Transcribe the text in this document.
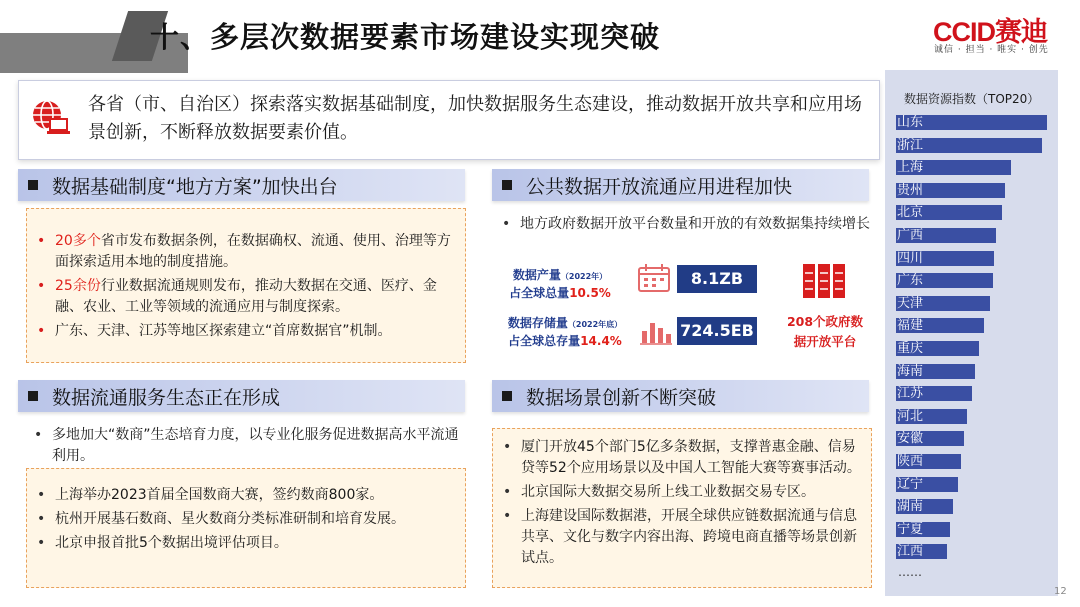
十、多层次数据要素市场建设实现突破	CCID赛迪
诚信 · 担当 · 唯实 · 创先
各省（市、自治区）探索落实数据基础制度，加快数据服务生态建设，推动数据开放共享和应用场景创新，不断释放数据要素价值。
数据基础制度“地方方案”加快出台
• 20多个省市发布数据条例，在数据确权、流通、使用、治理等方面探索适用本地的制度措施。
• 25余份行业数据流通规则发布，推动大数据在交通、医疗、金融、农业、工业等领域的流通应用与制度探索。
• 广东、天津、江苏等地区探索建立“首席数据官”机制。
公共数据开放流通应用进程加快
• 地方政府数据开放平台数量和开放的有效数据集持续增长
数据产量（2022年）
占全球总量10.5%
8.1ZB
数据存储量（2022年底）
占全球总存量14.4%
724.5EB	208个政府数
据开放平台
数据流通服务生态正在形成
• 多地加大“数商”生态培育力度，以专业化服务促进数据高水平流通利用。
• 上海举办2023首届全国数商大赛，签约数商800家。
• 杭州开展基石数商、星火数商分类标准研制和培育发展。
• 北京申报首批5个数据出境评估项目。
数据场景创新不断突破
• 厦门开放45个部门5亿多条数据，支撑普惠金融、信易贷等52个应用场景以及中国人工智能大赛等赛事活动。
• 北京国际大数据交易所上线工业数据交易专区。
• 上海建设国际数据港，开展全球供应链数据流通与信息共享、文化与数字内容出海、跨境电商直播等场景创新试点。
数据资源指数（TOP20）
山东
浙江
上海
贵州
北京
广西
四川
广东
天津
福建
重庆
海南
江苏
河北
安徽
陕西
辽宁
湖南
宁夏
江西
……
12
